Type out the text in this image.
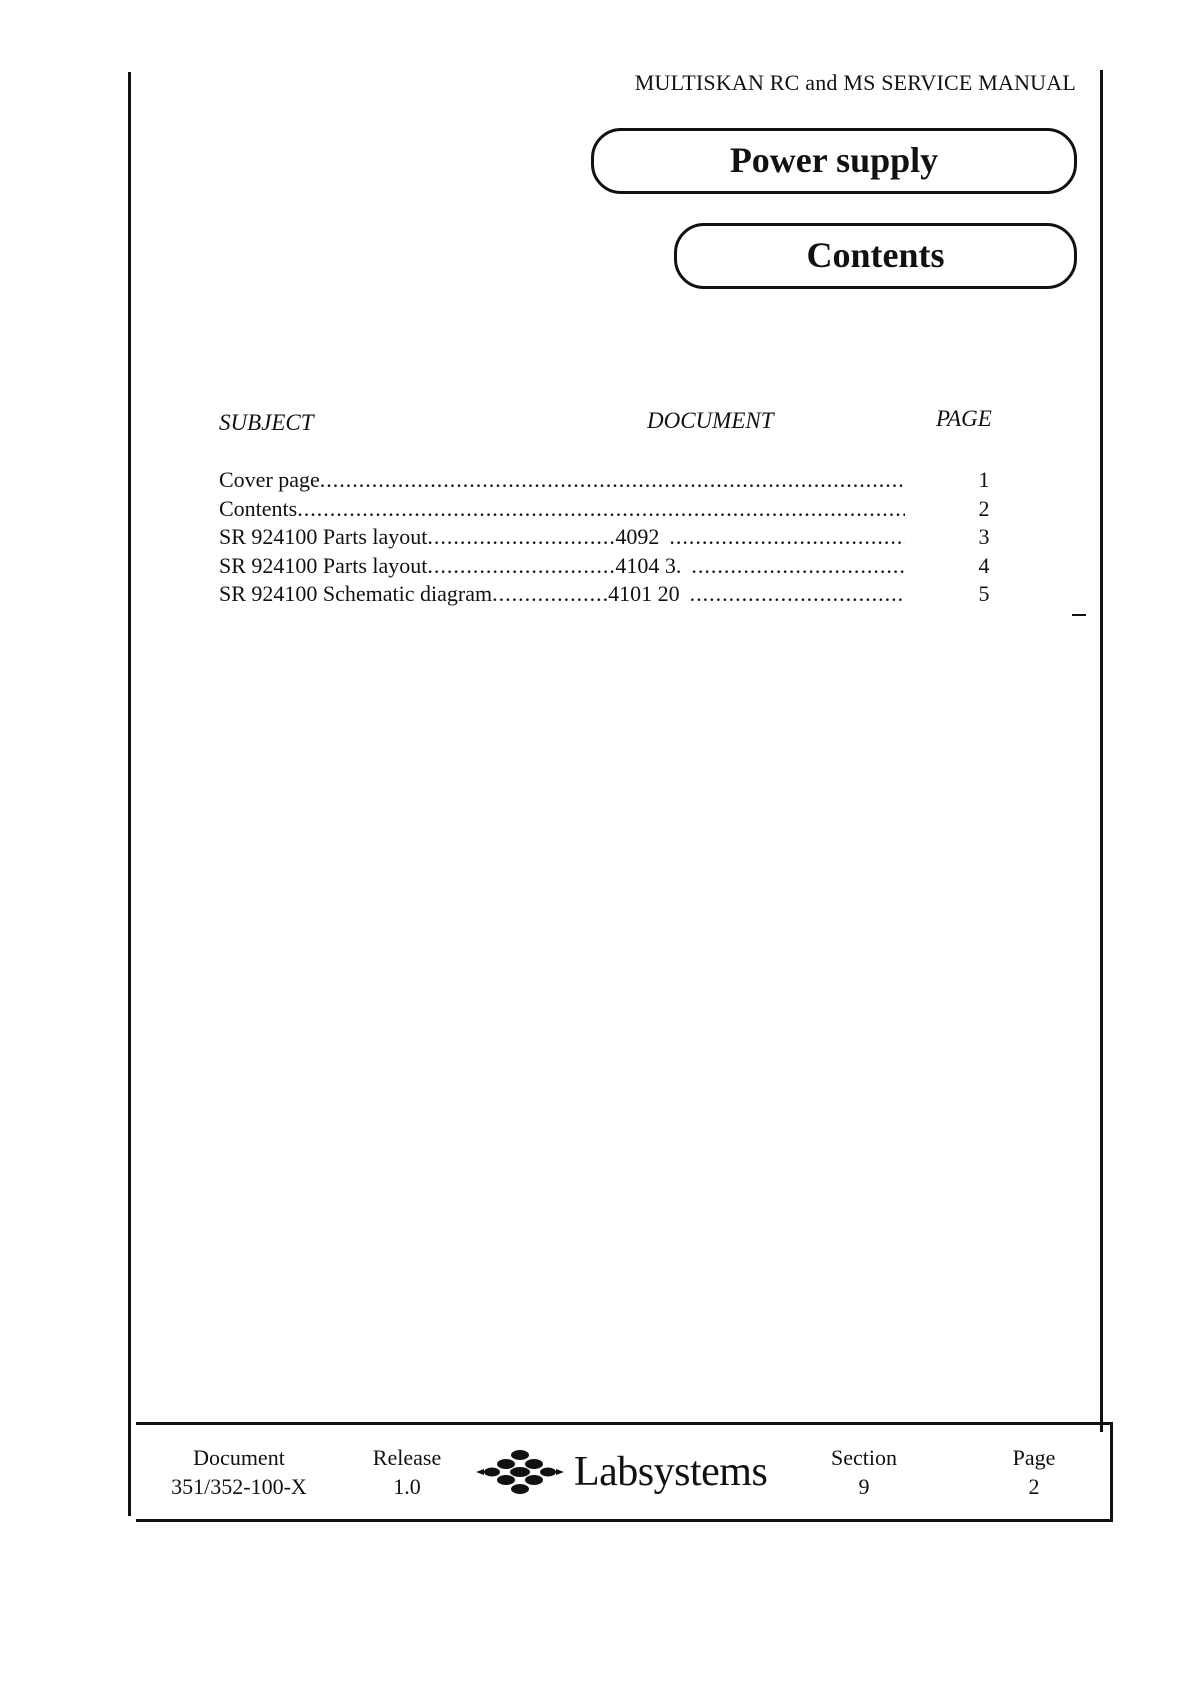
MULTISKAN RC and MS SERVICE MANUAL
Power supply
Contents
SUBJECT	DOCUMENT	PAGE
Cover page .....	1
Contents .....	2
SR 924100 Parts layout .....	4092 .....	3
SR 924100 Parts layout .....	4104 3. .....	4
SR 924100 Schematic diagram .....	4101 20 .....	5
Document
351/352-100-X
Release
1.0	Labsystems	Section
9
Page
2
